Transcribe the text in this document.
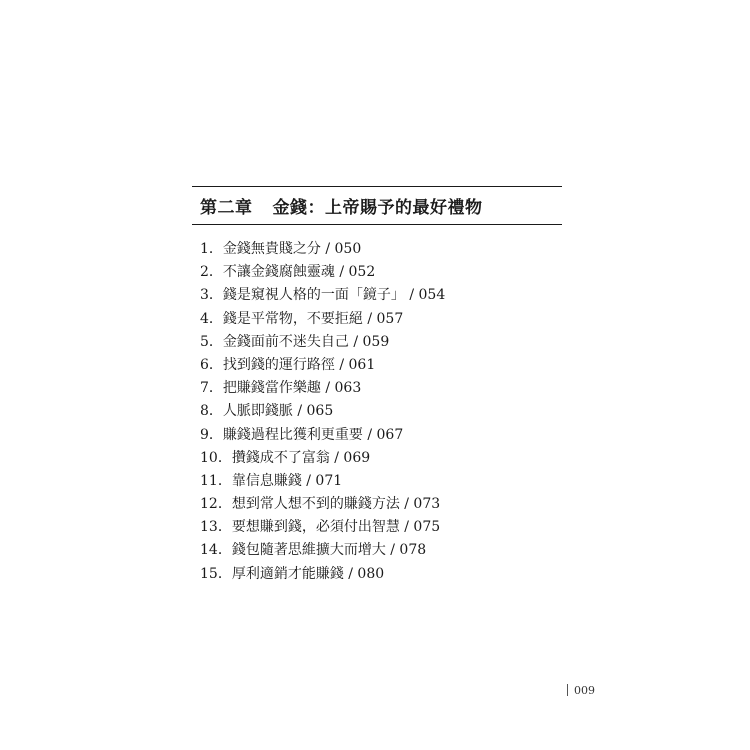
第二章 金錢：上帝賜予的最好禮物
1．金錢無貴賤之分 / 050
2．不讓金錢腐蝕靈魂 / 052
3．錢是窺視人格的一面「鏡子」 / 054
4．錢是平常物，不要拒絕 / 057
5．金錢面前不迷失自己 / 059
6．找到錢的運行路徑 / 061
7．把賺錢當作樂趣 / 063
8．人脈即錢脈 / 065
9．賺錢過程比獲利更重要 / 067
10．攢錢成不了富翁 / 069
11．靠信息賺錢 / 071
12．想到常人想不到的賺錢方法 / 073
13．要想賺到錢，必須付出智慧 / 075
14．錢包隨著思維擴大而增大 / 078
15．厚利適銷才能賺錢 / 080
009
